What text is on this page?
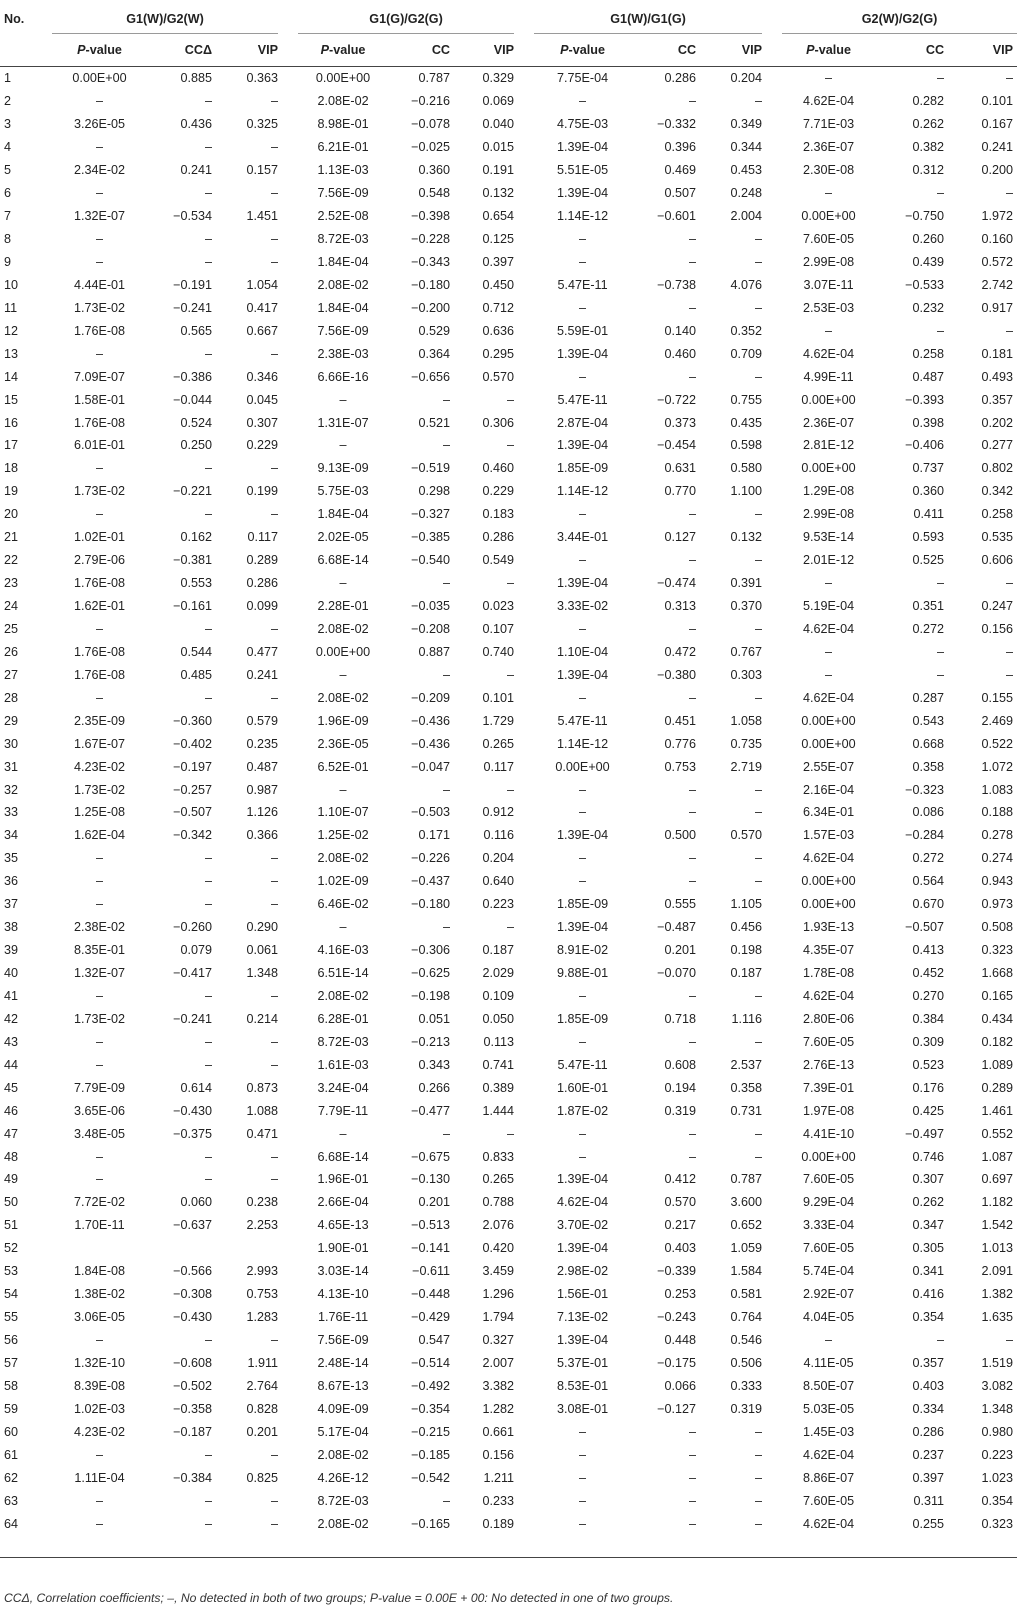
No.	G1(W)/G2(W)				G1(G)/G2(G)				G1(W)/G1(G)				G2(W)/G2(G)		
	P-value	CCΔ	VIP		P-value	CC	VIP		P-value	CC	VIP		P-value	CC	VIP

1	0.00E+00	0.885	0.363		0.00E+00	0.787	0.329		7.75E-04	0.286	0.204		–	–	–
2	–	–	–		2.08E-02	−0.216	0.069		–	–	–		4.62E-04	0.282	0.101
3	3.26E-05	0.436	0.325		8.98E-01	−0.078	0.040		4.75E-03	−0.332	0.349		7.71E-03	0.262	0.167
4	–	–	–		6.21E-01	−0.025	0.015		1.39E-04	0.396	0.344		2.36E-07	0.382	0.241
5	2.34E-02	0.241	0.157		1.13E-03	0.360	0.191		5.51E-05	0.469	0.453		2.30E-08	0.312	0.200
6	–	–	–		7.56E-09	0.548	0.132		1.39E-04	0.507	0.248		–	–	–
7	1.32E-07	−0.534	1.451		2.52E-08	−0.398	0.654		1.14E-12	−0.601	2.004		0.00E+00	−0.750	1.972
8	–	–	–		8.72E-03	−0.228	0.125		–	–	–		7.60E-05	0.260	0.160
9	–	–	–		1.84E-04	−0.343	0.397		–	–	–		2.99E-08	0.439	0.572
10	4.44E-01	−0.191	1.054		2.08E-02	−0.180	0.450		5.47E-11	−0.738	4.076		3.07E-11	−0.533	2.742
11	1.73E-02	−0.241	0.417		1.84E-04	−0.200	0.712		–	–	–		2.53E-03	0.232	0.917
12	1.76E-08	0.565	0.667		7.56E-09	0.529	0.636		5.59E-01	0.140	0.352		–	–	–
13	–	–	–		2.38E-03	0.364	0.295		1.39E-04	0.460	0.709		4.62E-04	0.258	0.181
14	7.09E-07	−0.386	0.346		6.66E-16	−0.656	0.570		–	–	–		4.99E-11	0.487	0.493
15	1.58E-01	−0.044	0.045		–	–	–		5.47E-11	−0.722	0.755		0.00E+00	−0.393	0.357
16	1.76E-08	0.524	0.307		1.31E-07	0.521	0.306		2.87E-04	0.373	0.435		2.36E-07	0.398	0.202
17	6.01E-01	0.250	0.229		–	–	–		1.39E-04	−0.454	0.598		2.81E-12	−0.406	0.277
18	–	–	–		9.13E-09	−0.519	0.460		1.85E-09	0.631	0.580		0.00E+00	0.737	0.802
19	1.73E-02	−0.221	0.199		5.75E-03	0.298	0.229		1.14E-12	0.770	1.100		1.29E-08	0.360	0.342
20	–	–	–		1.84E-04	−0.327	0.183		–	–	–		2.99E-08	0.411	0.258
21	1.02E-01	0.162	0.117		2.02E-05	−0.385	0.286		3.44E-01	0.127	0.132		9.53E-14	0.593	0.535
22	2.79E-06	−0.381	0.289		6.68E-14	−0.540	0.549		–	–	–		2.01E-12	0.525	0.606
23	1.76E-08	0.553	0.286		–	–	–		1.39E-04	−0.474	0.391		–	–	–
24	1.62E-01	−0.161	0.099		2.28E-01	−0.035	0.023		3.33E-02	0.313	0.370		5.19E-04	0.351	0.247
25	–	–	–		2.08E-02	−0.208	0.107		–	–	–		4.62E-04	0.272	0.156
26	1.76E-08	0.544	0.477		0.00E+00	0.887	0.740		1.10E-04	0.472	0.767		–	–	–
27	1.76E-08	0.485	0.241		–	–	–		1.39E-04	−0.380	0.303		–	–	–
28	–	–	–		2.08E-02	−0.209	0.101		–	–	–		4.62E-04	0.287	0.155
29	2.35E-09	−0.360	0.579		1.96E-09	−0.436	1.729		5.47E-11	0.451	1.058		0.00E+00	0.543	2.469
30	1.67E-07	−0.402	0.235		2.36E-05	−0.436	0.265		1.14E-12	0.776	0.735		0.00E+00	0.668	0.522
31	4.23E-02	−0.197	0.487		6.52E-01	−0.047	0.117		0.00E+00	0.753	2.719		2.55E-07	0.358	1.072
32	1.73E-02	−0.257	0.987		–	–	–		–	–	–		2.16E-04	−0.323	1.083
33	1.25E-08	−0.507	1.126		1.10E-07	−0.503	0.912		–	–	–		6.34E-01	0.086	0.188
34	1.62E-04	−0.342	0.366		1.25E-02	0.171	0.116		1.39E-04	0.500	0.570		1.57E-03	−0.284	0.278
35	–	–	–		2.08E-02	−0.226	0.204		–	–	–		4.62E-04	0.272	0.274
36	–	–	–		1.02E-09	−0.437	0.640		–	–	–		0.00E+00	0.564	0.943
37	–	–	–		6.46E-02	−0.180	0.223		1.85E-09	0.555	1.105		0.00E+00	0.670	0.973
38	2.38E-02	−0.260	0.290		–	–	–		1.39E-04	−0.487	0.456		1.93E-13	−0.507	0.508
39	8.35E-01	0.079	0.061		4.16E-03	−0.306	0.187		8.91E-02	0.201	0.198		4.35E-07	0.413	0.323
40	1.32E-07	−0.417	1.348		6.51E-14	−0.625	2.029		9.88E-01	−0.070	0.187		1.78E-08	0.452	1.668
41	–	–	–		2.08E-02	−0.198	0.109		–	–	–		4.62E-04	0.270	0.165
42	1.73E-02	−0.241	0.214		6.28E-01	0.051	0.050		1.85E-09	0.718	1.116		2.80E-06	0.384	0.434
43	–	–	–		8.72E-03	−0.213	0.113		–	–	–		7.60E-05	0.309	0.182
44	–	–	–		1.61E-03	0.343	0.741		5.47E-11	0.608	2.537		2.76E-13	0.523	1.089
45	7.79E-09	0.614	0.873		3.24E-04	0.266	0.389		1.60E-01	0.194	0.358		7.39E-01	0.176	0.289
46	3.65E-06	−0.430	1.088		7.79E-11	−0.477	1.444		1.87E-02	0.319	0.731		1.97E-08	0.425	1.461
47	3.48E-05	−0.375	0.471		–	–	–		–	–	–		4.41E-10	−0.497	0.552
48	–	–	–		6.68E-14	−0.675	0.833		–	–	–		0.00E+00	0.746	1.087
49	–	–	–		1.96E-01	−0.130	0.265		1.39E-04	0.412	0.787		7.60E-05	0.307	0.697
50	7.72E-02	0.060	0.238		2.66E-04	0.201	0.788		4.62E-04	0.570	3.600		9.29E-04	0.262	1.182
51	1.70E-11	−0.637	2.253		4.65E-13	−0.513	2.076		3.70E-02	0.217	0.652		3.33E-04	0.347	1.542
52					1.90E-01	−0.141	0.420		1.39E-04	0.403	1.059		7.60E-05	0.305	1.013
53	1.84E-08	−0.566	2.993		3.03E-14	−0.611	3.459		2.98E-02	−0.339	1.584		5.74E-04	0.341	2.091
54	1.38E-02	−0.308	0.753		4.13E-10	−0.448	1.296		1.56E-01	0.253	0.581		2.92E-07	0.416	1.382
55	3.06E-05	−0.430	1.283		1.76E-11	−0.429	1.794		7.13E-02	−0.243	0.764		4.04E-05	0.354	1.635
56	–	–	–		7.56E-09	0.547	0.327		1.39E-04	0.448	0.546		–	–	–
57	1.32E-10	−0.608	1.911		2.48E-14	−0.514	2.007		5.37E-01	−0.175	0.506		4.11E-05	0.357	1.519
58	8.39E-08	−0.502	2.764		8.67E-13	−0.492	3.382		8.53E-01	0.066	0.333		8.50E-07	0.403	3.082
59	1.02E-03	−0.358	0.828		4.09E-09	−0.354	1.282		3.08E-01	−0.127	0.319		5.03E-05	0.334	1.348
60	4.23E-02	−0.187	0.201		5.17E-04	−0.215	0.661		–	–	–		1.45E-03	0.286	0.980
61	–	–	–		2.08E-02	−0.185	0.156		–	–	–		4.62E-04	0.237	0.223
62	1.11E-04	−0.384	0.825		4.26E-12	−0.542	1.211		–	–	–		8.86E-07	0.397	1.023
63	–	–	–		8.72E-03	–	0.233		–	–	–		7.60E-05	0.311	0.354
64	–	–	–		2.08E-02	−0.165	0.189		–	–	–		4.62E-04	0.255	0.323

CCΔ, Correlation coefficients; –, No detected in both of two groups; P-value = 0.00E + 00: No detected in one of two groups.
